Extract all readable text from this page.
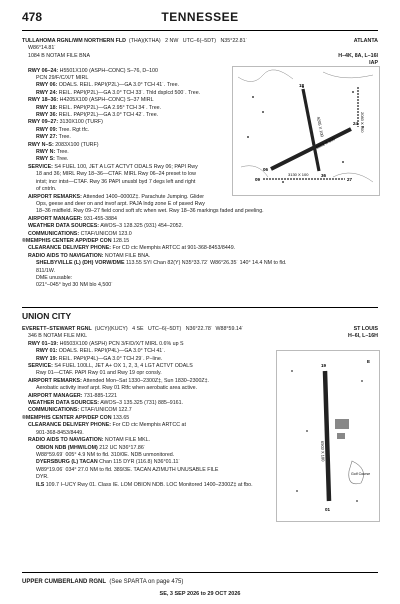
478	TENNESSEE
TULLAHOMA RGNL/WM NORTHERN FLD (THA)(KTHA) 2 NW UTC–6(–5DT) N35°22.81´	ATLANTA
W86°14.81´
1084 B NOTAM FILE BNA	H–4K, 8A, L–16I
IAP
RWY 06–24: H5501X100 (ASPH–CONC) S–76, D–100
PCN 29/F/C/X/T MIRL
RWY 06: ODALS. REIL. PAPI(P2L)—GA 3.0° TCH 41´. Tree.
RWY 24: REIL. PAPI(P2L)—GA 3.0° TCH 33´. Thld dsplcd 500´. Tree.
RWY 18–36: H4205X100 (ASPH–CONC) S–37 MIRL
RWY 18: REIL. PAPI(P2L)—GA 2.95° TCH 34´. Tree.
RWY 36: REIL. PAPI(P2L)—GA 3.0° TCH 42´. Tree.
RWY 09–27: 3130X100 (TURF)
RWY 09: Tree. Rgt tfc.
RWY 27: Tree.
RWY N–S: 2083X100 (TURF)
RWY N: Tree.
RWY S: Tree.
SERVICE: S4 FUEL 100, JET A LGT ACTVT ODALS Rwy 06; PAPI Rwy
18 and 36; MIRL Rwy 18–36—CTAF. MIRL Rwy 06–24 preset to low
intst; incr intst—CTAF. Rwy 36 PAPI unusbl byd 7 degs left and right
of cntrln.
AIRPORT REMARKS: Attended 1400–0000Z‡. Parachute Jumping. Glider
Ops, geese and deer on and invof arpt. PAJA lndg zone E of paved Rwy
18–36 midfield. Rwy 09–27 field cond soft sfc when wet. Rwy 18–36 markings faded and peeling.
AIRPORT MANAGER: 931-455-3884
WEATHER DATA SOURCES: AWOS–3 128.325 (931) 454–2052.
COMMUNICATIONS: CTAF/UNICOM 123.0
®MEMPHIS CENTER APP/DEP CON 128.15
CLEARANCE DELIVERY PHONE: For CD ctc Memphis ARTCC at 901-368-8453/8449.
RADIO AIDS TO NAVIGATION: NOTAM FILE BNA.
SHELBYVILLE (L) (DH) VORW/DME 113.55 SYI Chan 82(Y) N35°33.72´ W86°26.35´ 140° 14.4 NM to fld.
811/1W.
DME unusable:
021°–045° byd 30 NM blo 4,500´
5501 X 100
4205 X 100
3130 X 100
2083 X 100
18
36
06
24
09	27
UNION CITY
EVERETT–STEWART RGNL (UCY)(KUCY) 4 SE UTC–6(–5DT) N36°22.78´ W88°59.14´	ST LOUIS
346 B NOTAM FILE MKL	H–6I, L–16H
RWY 01–19: H6503X100 (ASPH) PCN 3/F/D/X/T MIRL 0.6% up S
RWY 01: ODALS. REIL. PAPI(P4L)—GA 3.0° TCH 41´.
RWY 19: REIL. PAPI(P4L)—GA 3.0° TCH 29´. P–line.
SERVICE: S4 FUEL 100LL, JET A+ OX 1, 2, 3, 4 LGT ACTVT ODALS
Rwy 01—CTAF. PAPI Rwy 01 and Rwy 19 opr consly.
AIRPORT REMARKS: Attended Mon–Sat 1330–2300Z‡, Sun 1830–2300Z‡.
Aerobatic activity invof arpt. Rwy 01 Rtfc when aerobatic area active.
AIRPORT MANAGER: 731-885-1221
WEATHER DATA SOURCES: AWOS–3 135.325 (731) 885–9161.
COMMUNICATIONS: CTAF/UNICOM 122.7
®MEMPHIS CENTER APP/DEP CON 133.65
CLEARANCE DELIVERY PHONE: For CD ctc Memphis ARTCC at
901-368-8453/8449.
RADIO AIDS TO NAVIGATION: NOTAM FILE MKL.
OBION NDB (MHW/LOM) 212 UC N36°17.86´
W88°59.69´ 005° 4.9 NM to fld. 310/0E. NDB unmonitored.
DYERSBURG (L) TACAN Chan 115 DYR (116.8) N36°01.11´
W89°19.06´ 034° 27.0 NM to fld. 389/3E. TACAN AZIMUTH UNUSABLE FILE
DYR.
ILS 109.7 I–UCY Rwy 01. Class IE. LOM OBION NDB. LOC Monitored 1400–2300Z‡ at fbo.
6503 X 100
Golf Course
E
01
19
UPPER CUMBERLAND RGNL (See SPARTA on page 475)
SE, 3 SEP 2026 to 29 OCT 2026
